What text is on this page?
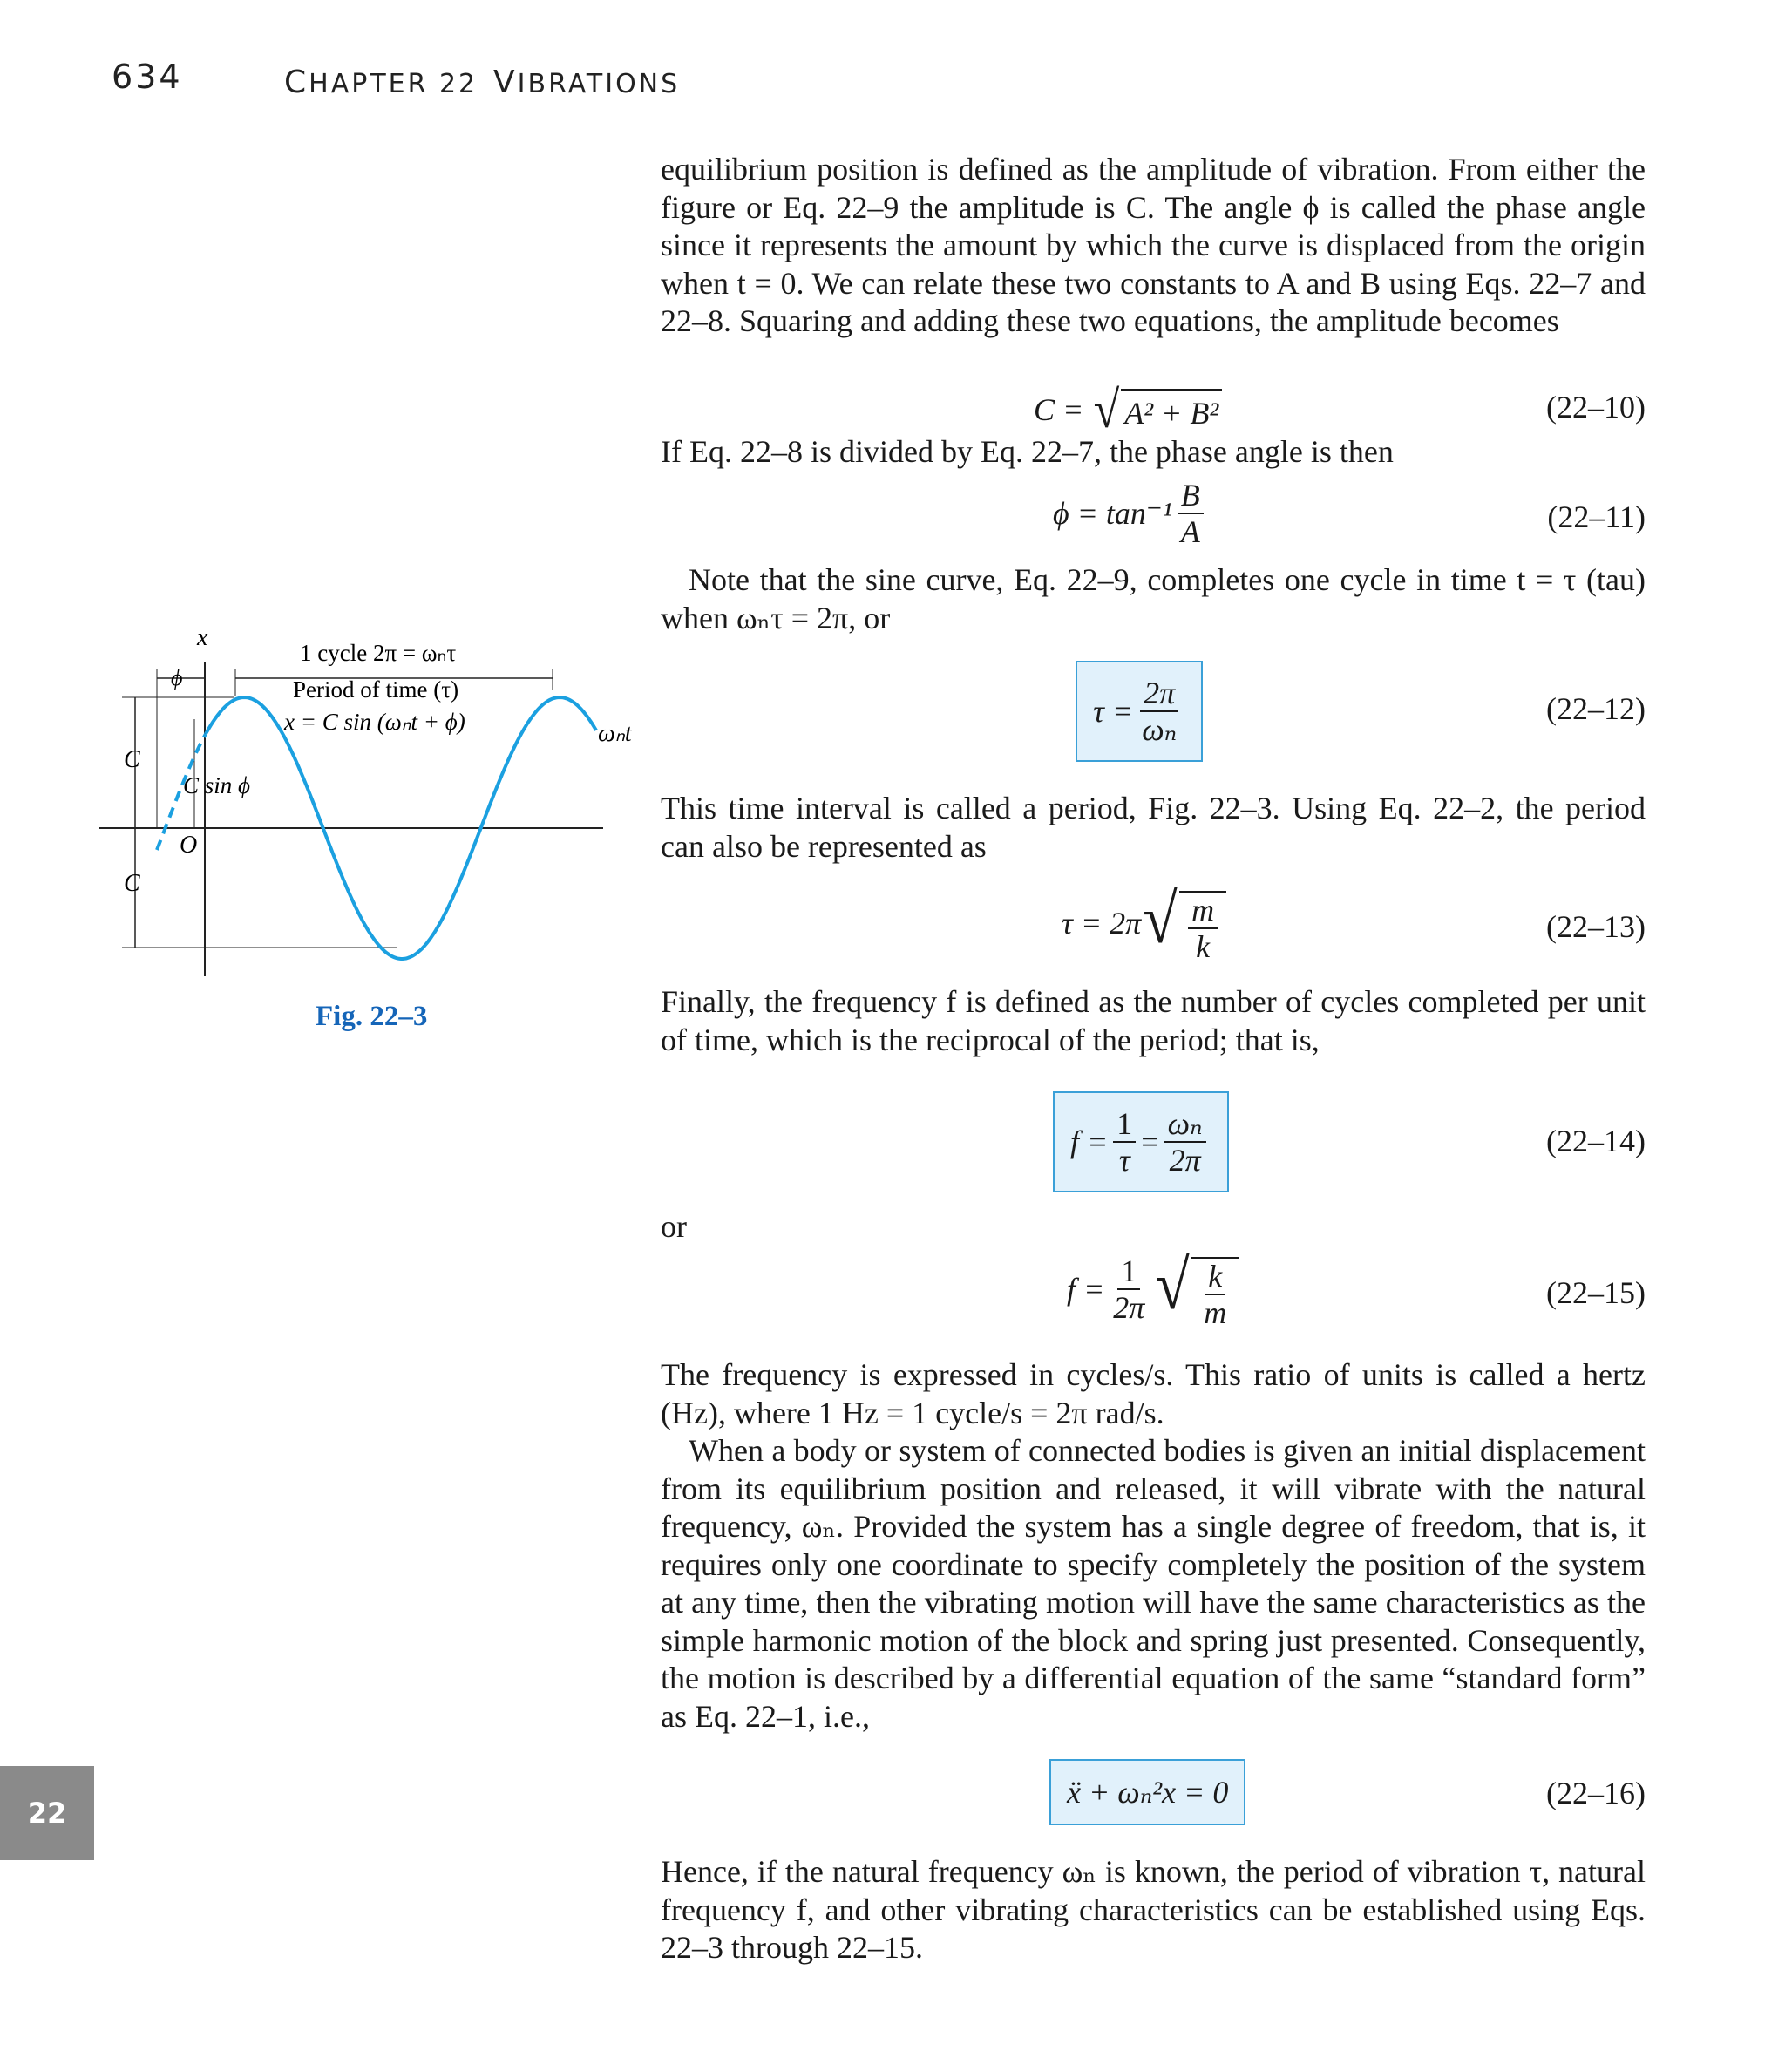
634	CHAPTER 22 VIBRATIONS
22
x
ϕ
1 cycle 2π = ωₙτ
Period of time (τ)
x = C sin (ωₙt + ϕ)	ωₙt
C
C
C sin ϕ
O
Fig. 22–3

equilibrium position is defined as the amplitude of vibration. From either the figure or Eq. 22–9 the amplitude is C. The angle ϕ is called the phase angle since it represents the amount by which the curve is displaced from the origin when t = 0. We can relate these two constants to A and B using Eqs. 22–7 and 22–8. Squaring and adding these two equations, the amplitude becomes

C = √ A² + B²	(22–10)

If Eq. 22–8 is divided by Eq. 22–7, the phase angle is then

$\phi = \tan^{-1} \frac{B}{A}$	(22–11)

Note that the sine curve, Eq. 22–9, completes one cycle in time t = τ (tau) when ωₙτ = 2π, or

$\tau = \frac{2\pi}{\text{ωₙ}}$	(22–12)

This time interval is called a period, Fig. 22–3. Using Eq. 22–2, the period can also be represented as

τ = 2π √ $\frac{m}{k}$	(22–13)

Finally, the frequency f is defined as the number of cycles completed per unit of time, which is the reciprocal of the period; that is,

$f = \frac{1}{\tau} = \frac{\text{ωₙ}}{2\pi}$	(22–14)

or

$f = \frac{1}{2\pi}$ √ $\frac{k}{m}$	(22–15)

The frequency is expressed in cycles/s. This ratio of units is called a hertz (Hz), where 1 Hz = 1 cycle/s = 2π rad/s.

When a body or system of connected bodies is given an initial displacement from its equilibrium position and released, it will vibrate with the natural frequency, ωₙ. Provided the system has a single degree of freedom, that is, it requires only one coordinate to specify completely the position of the system at any time, then the vibrating motion will have the same characteristics as the simple harmonic motion of the block and spring just presented. Consequently, the motion is described by a differential equation of the same “standard form” as Eq. 22–1, i.e.,

ẍ + ωₙ²x = 0	(22–16)

Hence, if the natural frequency ωₙ is known, the period of vibration τ, natural frequency f, and other vibrating characteristics can be established using Eqs. 22–3 through 22–15.
